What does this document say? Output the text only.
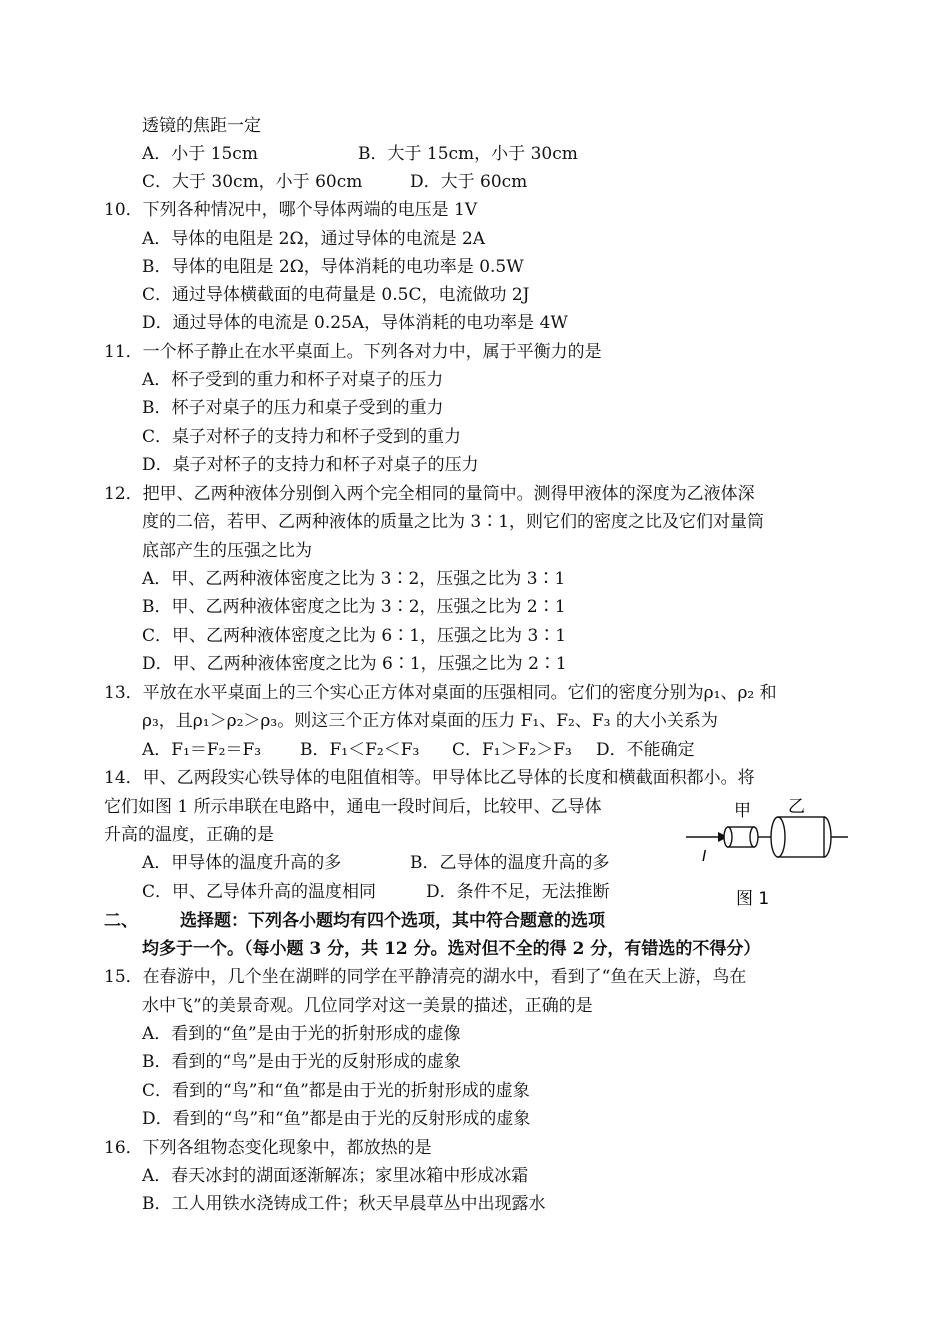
透镜的焦距一定
A．小于 15cm	B．大于 15cm，小于 30cm
C．大于 30cm，小于 60cm	D．大于 60cm
10．下列各种情况中，哪个导体两端的电压是 1V
A．导体的电阻是 2Ω，通过导体的电流是 2A
B．导体的电阻是 2Ω，导体消耗的电功率是 0.5W
C．通过导体横截面的电荷量是 0.5C，电流做功 2J
D．通过导体的电流是 0.25A，导体消耗的电功率是 4W
11．一个杯子静止在水平桌面上。下列各对力中，属于平衡力的是
A．杯子受到的重力和杯子对桌子的压力
B．杯子对桌子的压力和桌子受到的重力
C．桌子对杯子的支持力和杯子受到的重力
D．桌子对杯子的支持力和杯子对桌子的压力
12．把甲、乙两种液体分别倒入两个完全相同的量筒中。测得甲液体的深度为乙液体深
度的二倍，若甲、乙两种液体的质量之比为 3∶1，则它们的密度之比及它们对量筒
底部产生的压强之比为
A．甲、乙两种液体密度之比为 3∶2，压强之比为 3∶1
B．甲、乙两种液体密度之比为 3∶2，压强之比为 2∶1
C．甲、乙两种液体密度之比为 6∶1，压强之比为 3∶1
D．甲、乙两种液体密度之比为 6∶1，压强之比为 2∶1
13．平放在水平桌面上的三个实心正方体对桌面的压强相同。它们的密度分别为ρ₁、ρ₂ 和
ρ₃，且ρ₁＞ρ₂＞ρ₃。则这三个正方体对桌面的压力 F₁、F₂、F₃ 的大小关系为
A．F₁＝F₂＝F₃ B．F₁＜F₂＜F₃ C．F₁＞F₂＞F₃ D．不能确定
14．甲、乙两段实心铁导体的电阻值相等。甲导体比乙导体的长度和横截面积都小。将
它们如图 1 所示串联在电路中，通电一段时间后，比较甲、乙导体
升高的温度，正确的是
A．甲导体的温度升高的多	B．乙导体的温度升高的多
C．甲、乙导体升高的温度相同	D．条件不足，无法推断
甲 乙
I
图 1
二、 选择题：下列各小题均有四个选项，其中符合题意的选项
均多于一个。（每小题 3 分，共 12 分。选对但不全的得 2 分，有错选的不得分）
15．在春游中，几个坐在湖畔的同学在平静清亮的湖水中，看到了“鱼在天上游，鸟在
水中飞”的美景奇观。几位同学对这一美景的描述，正确的是
A．看到的“鱼”是由于光的折射形成的虚像
B．看到的“鸟”是由于光的反射形成的虚象
C．看到的“鸟”和“鱼”都是由于光的折射形成的虚象
D．看到的“鸟”和“鱼”都是由于光的反射形成的虚象
16．下列各组物态变化现象中，都放热的是
A．春天冰封的湖面逐渐解冻；家里冰箱中形成冰霜
B．工人用铁水浇铸成工件；秋天早晨草丛中出现露水
